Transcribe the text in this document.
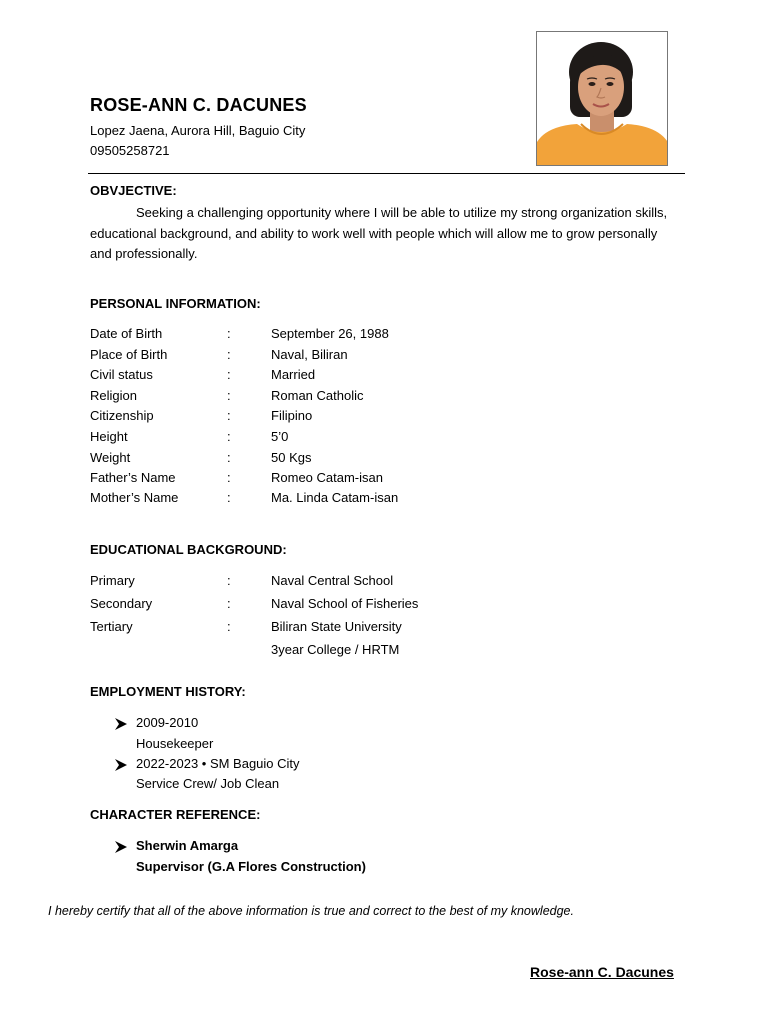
ROSE-ANN C. DACUNES
Lopez Jaena, Aurora Hill, Baguio City
09505258721
OBVJECTIVE:
Seeking a challenging opportunity where I will be able to utilize my strong organization skills, educational background, and ability to work well with people which will allow me to grow personally and professionally.
PERSONAL INFORMATION:
Date of Birth	:	September 26, 1988
Place of Birth	:	Naval, Biliran
Civil status	:	Married
Religion	:	Roman Catholic
Citizenship	:	Filipino
Height	:	5’0
Weight	:	50 Kgs
Father’s Name	:	Romeo Catam-isan
Mother’s Name	:	Ma. Linda Catam-isan
EDUCATIONAL BACKGROUND:
Primary	:	Naval Central School
Secondary	:	Naval School of Fisheries
Tertiary	:	Biliran State University
3year College / HRTM
EMPLOYMENT HISTORY:
2009-2010
Housekeeper
2022-2023 • SM Baguio City
Service Crew/ Job Clean
CHARACTER REFERENCE:
Sherwin Amarga
Supervisor (G.A Flores Construction)
I hereby certify that all of the above information is true and correct to the best of my knowledge.
Rose-ann C. Dacunes
